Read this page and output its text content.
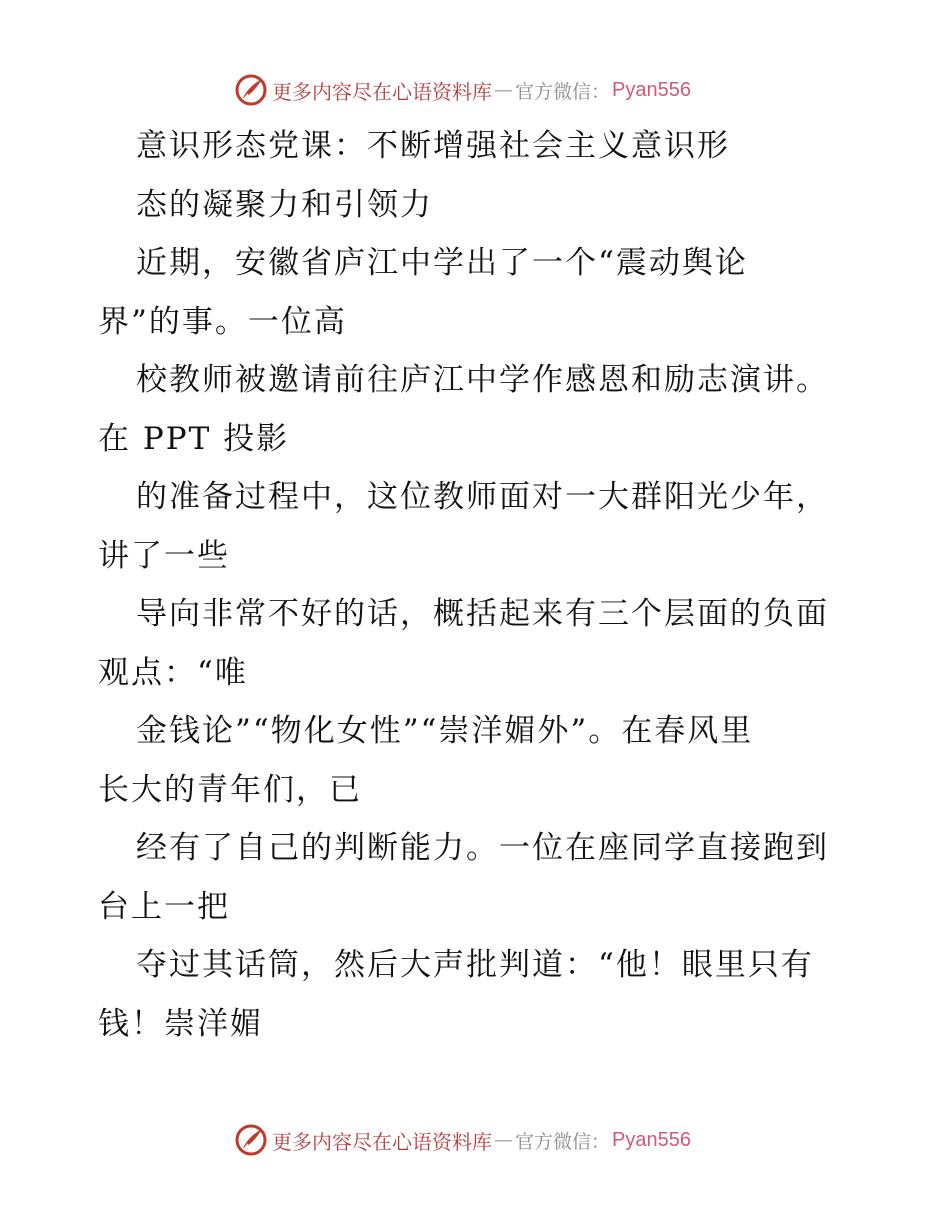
更多内容尽在心语资料库 — 官方微信： Pyan556
意识形态党课：不断增强社会主义意识形
态的凝聚力和引领力
近期，安徽省庐江中学出了一个“震动舆论
界”的事。一位高
校教师被邀请前往庐江中学作感恩和励志演讲。
在 PPT 投影
的准备过程中，这位教师面对一大群阳光少年，
讲了一些
导向非常不好的话，概括起来有三个层面的负面
观点：“唯
金钱论”“物化女性”“崇洋媚外”。在春风里
长大的青年们，已
经有了自己的判断能力。一位在座同学直接跑到
台上一把
夺过其话筒，然后大声批判道：“他！眼里只有
钱！崇洋媚
更多内容尽在心语资料库 — 官方微信： Pyan556
